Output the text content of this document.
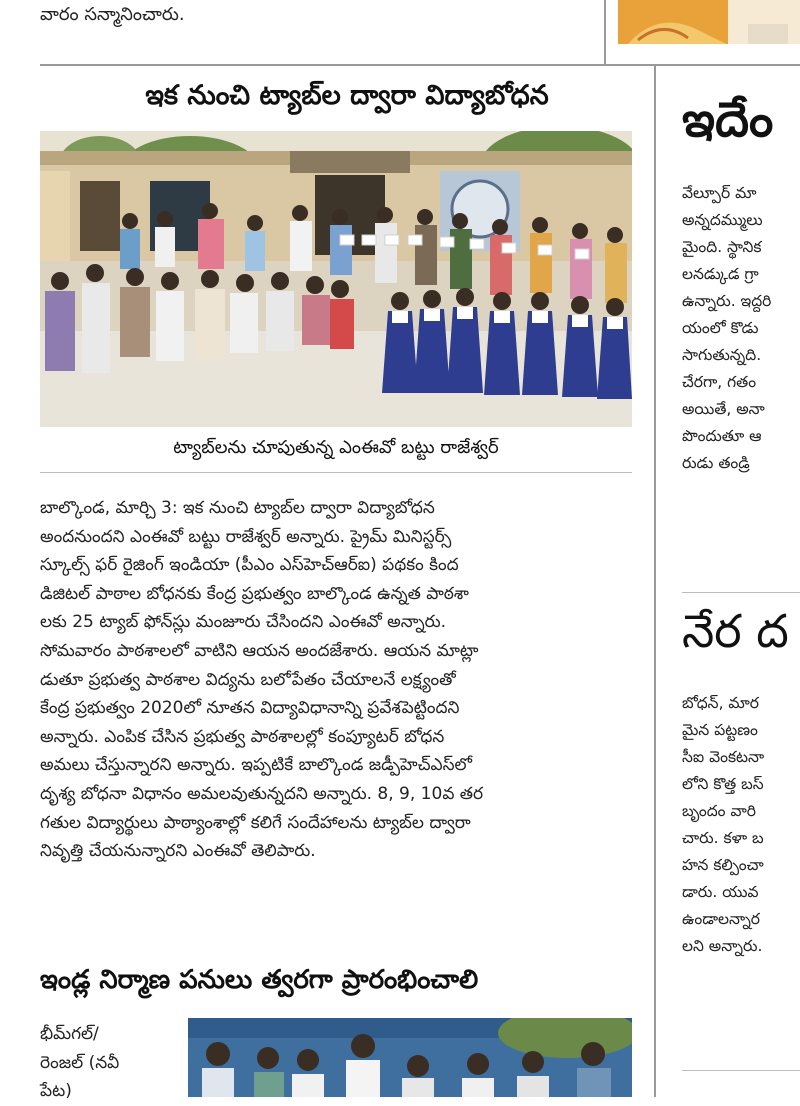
వారం సన్మానించారు.
ఇక నుంచి ట్యాబ్‌ల ద్వారా విద్యాబోధన
ట్యాబ్‌లను చూపుతున్న ఎంఈవో బట్టు రాజేశ్వర్
బాల్కొండ, మార్చి 3: ఇక నుంచి ట్యాబ్‌ల ద్వారా విద్యాబోధన
అందనుందని ఎంఈవో బట్టు రాజేశ్వర్ అన్నారు. ప్రైమ్ మినిస్టర్స్
స్కూల్స్ ఫర్ రైజింగ్ ఇండియా (పీఎం ఎస్‌హెచ్‌ఆర్‌ఐ) పథకం కింద
డిజిటల్ పాఠాల బోధనకు కేంద్ర ప్రభుత్వం బాల్కొండ ఉన్నత పాఠశా
లకు 25 ట్యాబ్ ఫోన్‌స్లు మంజూరు చేసిందని ఎంఈవో అన్నారు.
సోమవారం పాఠశాలలో వాటిని ఆయన అందజేశారు. ఆయన మాట్లా
డుతూ ప్రభుత్వ పాఠశాల విద్యను బలోపేతం చేయాలనే లక్ష్యంతో
కేంద్ర ప్రభుత్వం 2020లో నూతన విద్యావిధానాన్ని ప్రవేశపెట్టిందని
అన్నారు. ఎంపిక చేసిన ప్రభుత్వ పాఠశాలల్లో కంప్యూటర్ బోధన
అమలు చేస్తున్నారని అన్నారు. ఇప్పటికే బాల్కొండ జడ్పీహెచ్ఎస్‌లో
దృశ్య బోధనా విధానం అమలవుతున్నదని అన్నారు. 8, 9, 10వ తర
గతుల విద్యార్థులు పాఠ్యాంశాల్లో కలిగే సందేహాలను ట్యాబ్‌ల ద్వారా
నివృత్తి చేయనున్నారని ఎంఈవో తెలిపారు.
ఇండ్ల నిర్మాణ పనులు త్వరగా ప్రారంభించాలి
భీమ్‌గల్/
రెంజల్ (నవీ
పేట)
ఇదేం
వేల్పూర్ మా
అన్నదమ్ములు
మైంది. స్థానిక
లనడ్కుడ గ్రా
ఉన్నారు. ఇద్దరి
యంలో కొడు
సాగుతున్నది.
చేరగా, గతం
అయితే, అనా
పొందుతూ ఆ
రుడు తండ్రి
నేర ద
బోధన్, మార
మైన పట్టణం
సీఐ వెంకటనా
లోని కొత్త బస్
బృందం వారి
చారు. కళా బ
హన కల్పించా
డారు. యువ
ఉండాలన్నార
లని అన్నారు.
